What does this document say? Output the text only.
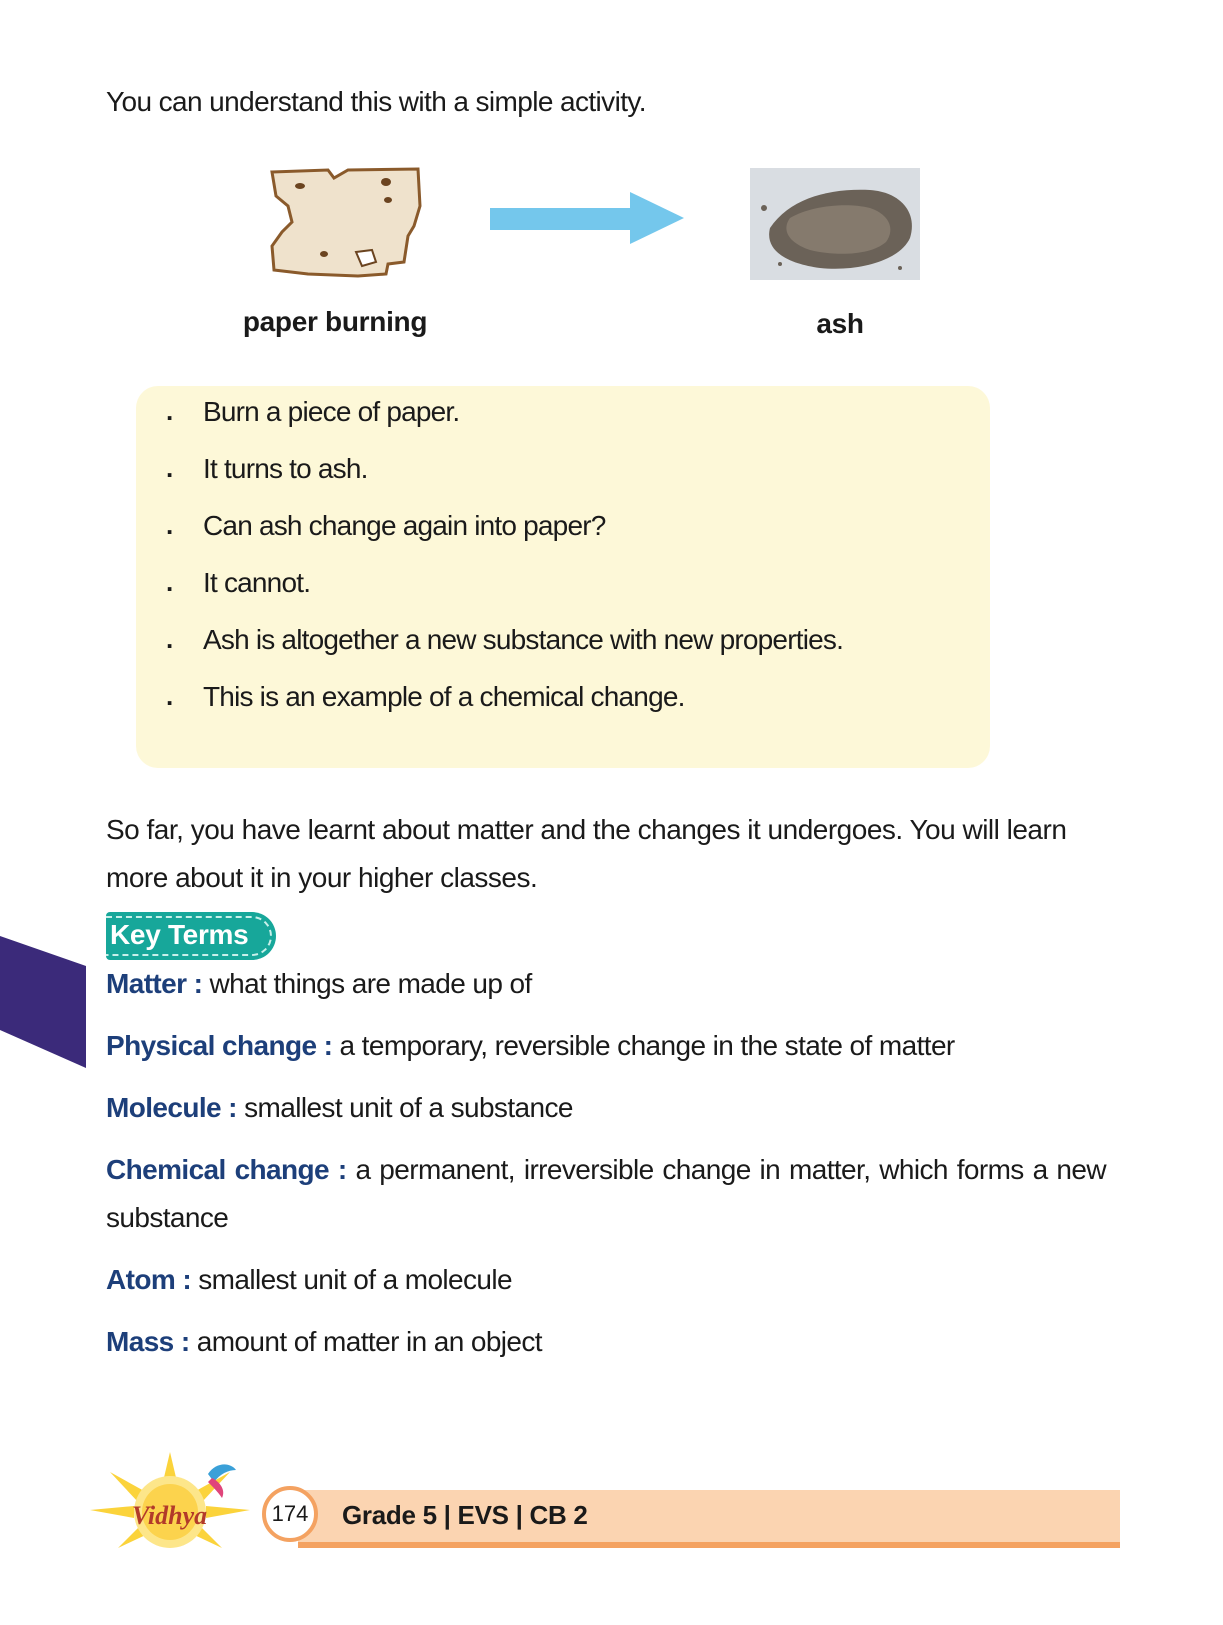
You can understand this with a simple activity.

paper burning	ash
. Burn a piece of paper.
. It turns to ash.
. Can ash change again into paper?
. It cannot.
. Ash is altogether a new substance with new properties.
. This is an example of a chemical change.

So far, you have learnt about matter and the changes it undergoes. You will learn more about it in your higher classes.

Key Terms

Matter : what things are made up of

Physical change : a temporary, reversible change in the state of matter

Molecule : smallest unit of a substance

Chemical change : a permanent, irreversible change in matter, which forms a new substance

Atom : smallest unit of a molecule

Mass : amount of matter in an object

174	Grade 5 | EVS | CB 2
Vidhya
